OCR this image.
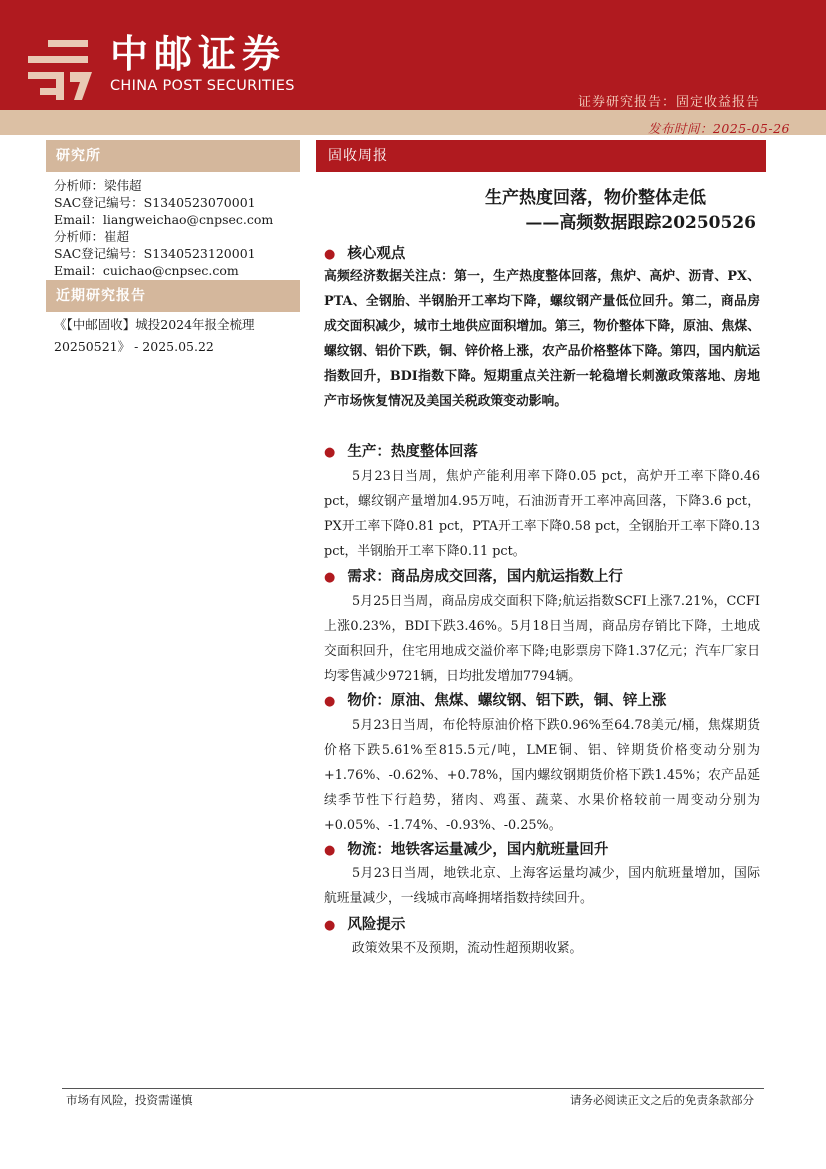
中邮证券
CHINA POST SECURITIES
证券研究报告：固定收益报告
发布时间：2025-05-26
研究所
分析师：梁伟超
SAC登记编号：S1340523070001
Email：liangweichao@cnpsec.com
分析师：崔超
SAC登记编号：S1340523120001
Email：cuichao@cnpsec.com
近期研究报告
《【中邮固收】城投2024年报全梳理
20250521》 - 2025.05.22
固收周报
生产热度回落，物价整体走低
——高频数据跟踪20250526
● 核心观点
高频经济数据关注点：第一，生产热度整体回落，焦炉、高炉、沥青、PX、PTA、全钢胎、半钢胎开工率均下降，螺纹钢产量低位回升。第二，商品房成交面积减少，城市土地供应面积增加。第三，物价整体下降，原油、焦煤、螺纹钢、铝价下跌，铜、锌价格上涨，农产品价格整体下降。第四，国内航运指数回升，BDI指数下降。短期重点关注新一轮稳增长刺激政策落地、房地产市场恢复情况及美国关税政策变动影响。
● 生产：热度整体回落
5月23日当周，焦炉产能利用率下降0.05 pct，高炉开工率下降0.46 pct，螺纹钢产量增加4.95万吨，石油沥青开工率冲高回落，下降3.6 pct，PX开工率下降0.81 pct，PTA开工率下降0.58 pct，全钢胎开工率下降0.13 pct，半钢胎开工率下降0.11 pct。
● 需求：商品房成交回落，国内航运指数上行
5月25日当周，商品房成交面积下降;航运指数SCFI上涨7.21%，CCFI上涨0.23%，BDI下跌3.46%。5月18日当周，商品房存销比下降，土地成交面积回升，住宅用地成交溢价率下降;电影票房下降1.37亿元；汽车厂家日均零售减少9721辆，日均批发增加7794辆。
● 物价：原油、焦煤、螺纹钢、铝下跌，铜、锌上涨
5月23日当周，布伦特原油价格下跌0.96%至64.78美元/桶，焦煤期货价格下跌5.61%至815.5元/吨，LME铜、铝、锌期货价格变动分别为+1.76%、-0.62%、+0.78%，国内螺纹钢期货价格下跌1.45%；农产品延续季节性下行趋势，猪肉、鸡蛋、蔬菜、水果价格较前一周变动分别为+0.05%、-1.74%、-0.93%、-0.25%。
● 物流：地铁客运量减少，国内航班量回升
5月23日当周，地铁北京、上海客运量均减少，国内航班量增加，国际航班量减少，一线城市高峰拥堵指数持续回升。
● 风险提示
政策效果不及预期，流动性超预期收紧。
市场有风险，投资需谨慎	请务必阅读正文之后的免责条款部分
